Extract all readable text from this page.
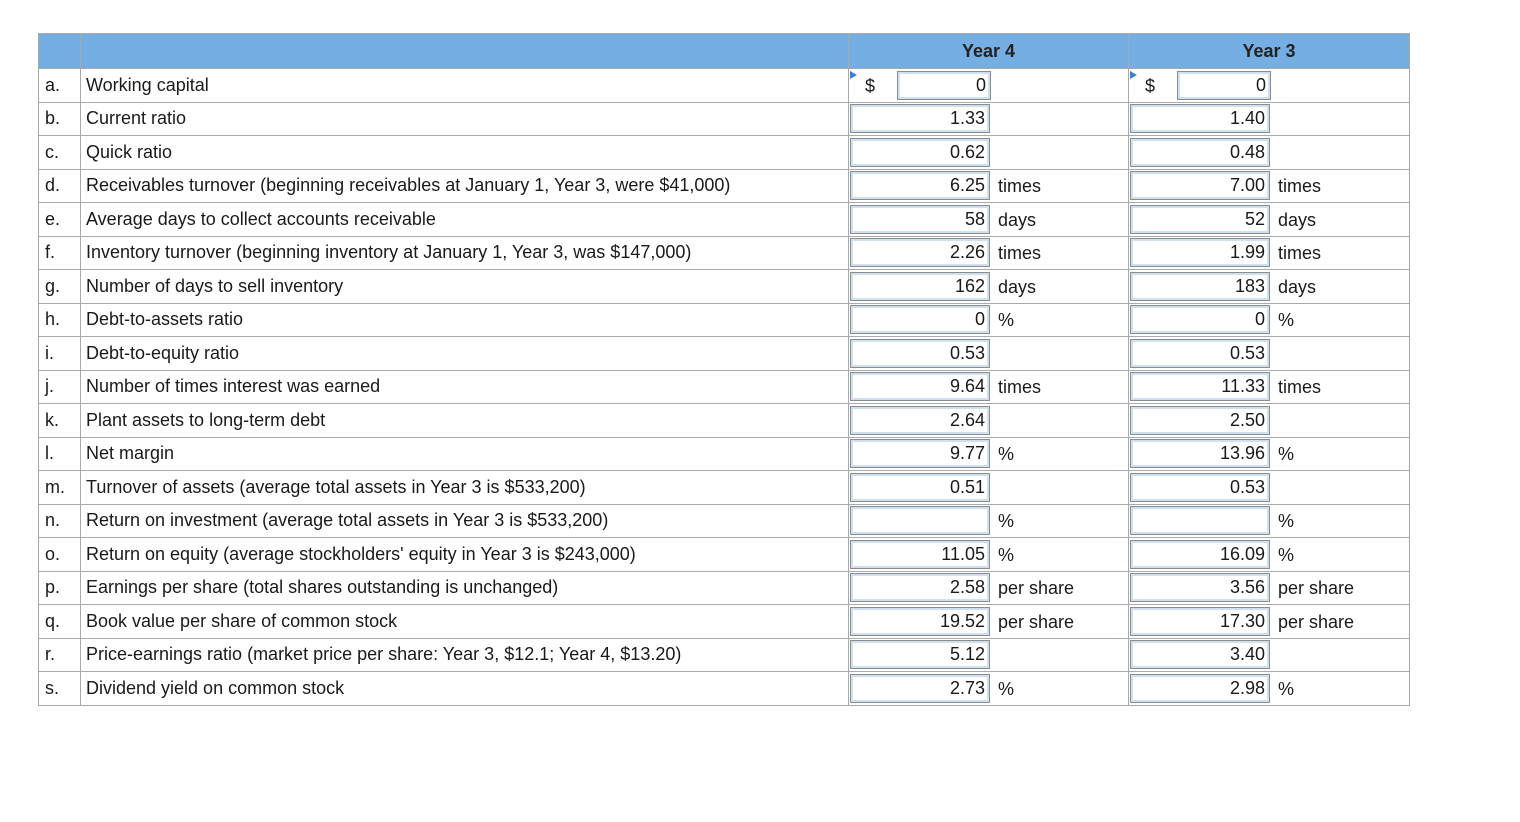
		Year 4	Year 3
a.	Working capital	$ 0	$ 0

b.	Current ratio	1.33	1.40

c.	Quick ratio	0.62	0.48

d.	Receivables turnover (beginning receivables at January 1, Year 3, were $41,000)	6.25 times	7.00 times

e.	Average days to collect accounts receivable	58 days	52 days

f.	Inventory turnover (beginning inventory at January 1, Year 3, was $147,000)	2.26 times	1.99 times

g.	Number of days to sell inventory	162 days	183 days

h.	Debt-to-assets ratio	0 %	0 %

i.	Debt-to-equity ratio	0.53	0.53

j.	Number of times interest was earned	9.64 times	11.33 times

k.	Plant assets to long-term debt	2.64	2.50

l.	Net margin	9.77 %	13.96 %

m.	Turnover of assets (average total assets in Year 3 is $533,200)	0.51	0.53

n.	Return on investment (average total assets in Year 3 is $533,200)	%	%

o.	Return on equity (average stockholders' equity in Year 3 is $243,000)	11.05 %	16.09 %

p.	Earnings per share (total shares outstanding is unchanged)	2.58 per share	3.56 per share

q.	Book value per share of common stock	19.52 per share	17.30 per share

r.	Price-earnings ratio (market price per share: Year 3, $12.1; Year 4, $13.20)	5.12	3.40

s.	Dividend yield on common stock	2.73 %	2.98 %
